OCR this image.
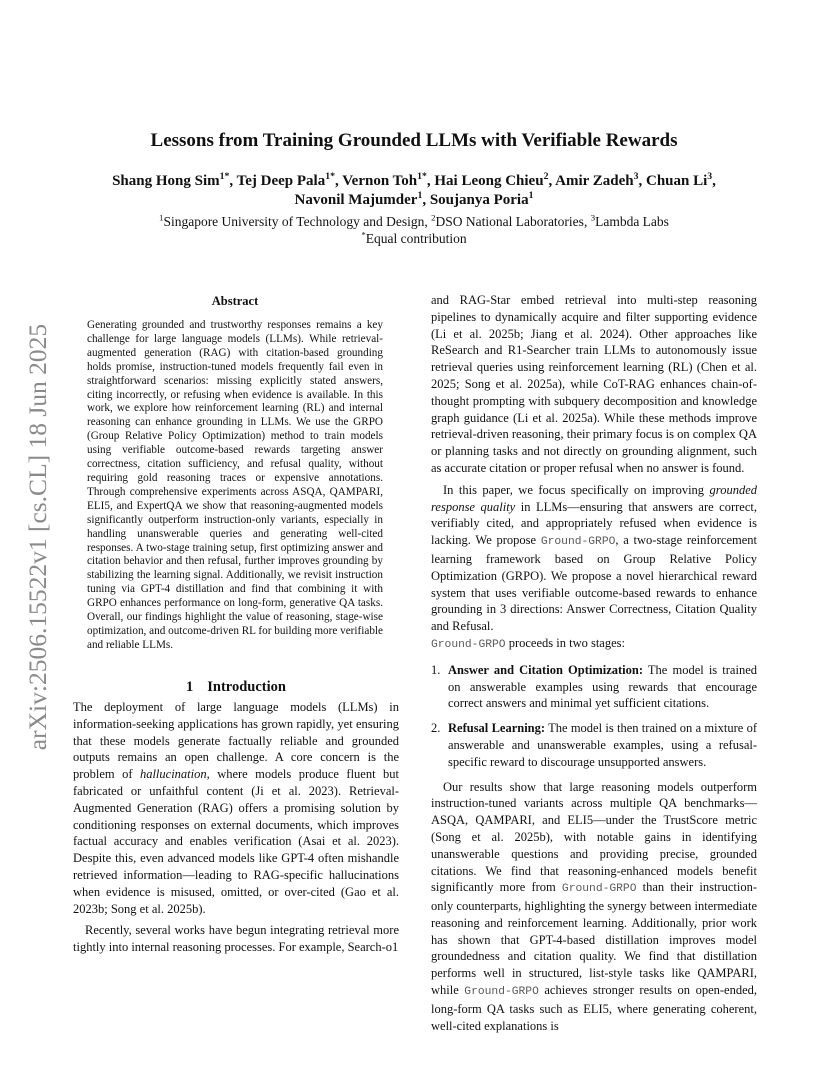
arXiv:2506.15522v1 [cs.CL] 18 Jun 2025
Lessons from Training Grounded LLMs with Verifiable Rewards
Shang Hong Sim$^{1*}$, Tej Deep Pala$^{1*}$, Vernon Toh$^{1*}$, Hai Leong Chieu$^2$, Amir Zadeh$^3$, Chuan Li$^3$,
Navonil Majumder$^1$, Soujanya Poria$^1$
$^1$Singapore University of Technology and Design, $^2$DSO National Laboratories, $^3$Lambda Labs
*Equal contribution
Abstract
Generating grounded and trustworthy responses remains a key challenge for large language models (LLMs). While retrieval-augmented generation (RAG) with citation-based grounding holds promise, instruction-tuned models frequently fail even in straightforward scenarios: missing explicitly stated answers, citing incorrectly, or refusing when evidence is available. In this work, we explore how reinforcement learning (RL) and internal reasoning can enhance grounding in LLMs. We use the GRPO (Group Relative Policy Optimization) method to train models using verifiable outcome-based rewards targeting answer correctness, citation sufficiency, and refusal quality, without requiring gold reasoning traces or expensive annotations. Through comprehensive experiments across ASQA, QAMPARI, ELI5, and ExpertQA we show that reasoning-augmented models significantly outperform instruction-only variants, especially in handling unanswerable queries and generating well-cited responses. A two-stage training setup, first optimizing answer and citation behavior and then refusal, further improves grounding by stabilizing the learning signal. Additionally, we revisit instruction tuning via GPT-4 distillation and find that combining it with GRPO enhances performance on long-form, generative QA tasks. Overall, our findings highlight the value of reasoning, stage-wise optimization, and outcome-driven RL for building more verifiable and reliable LLMs.
1 Introduction

The deployment of large language models (LLMs) in information-seeking applications has grown rapidly, yet ensuring that these models generate factually reliable and grounded outputs remains an open challenge. A core concern is the problem of hallucination, where models produce fluent but fabricated or unfaithful content (Ji et al. 2023). Retrieval-Augmented Generation (RAG) offers a promising solution by conditioning responses on external documents, which improves factual accuracy and enables verification (Asai et al. 2023). Despite this, even advanced models like GPT-4 often mishandle retrieved information—leading to RAG-specific hallucinations when evidence is misused, omitted, or over-cited (Gao et al. 2023b; Song et al. 2025b).

Recently, several works have begun integrating retrieval more tightly into internal reasoning processes. For example, Search-o1

and RAG-Star embed retrieval into multi-step reasoning pipelines to dynamically acquire and filter supporting evidence (Li et al. 2025b; Jiang et al. 2024). Other approaches like ReSearch and R1-Searcher train LLMs to autonomously issue retrieval queries using reinforcement learning (RL) (Chen et al. 2025; Song et al. 2025a), while CoT-RAG enhances chain-of-thought prompting with subquery decomposition and knowledge graph guidance (Li et al. 2025a). While these methods improve retrieval-driven reasoning, their primary focus is on complex QA or planning tasks and not directly on grounding alignment, such as accurate citation or proper refusal when no answer is found.

In this paper, we focus specifically on improving grounded response quality in LLMs—ensuring that answers are correct, verifiably cited, and appropriately refused when evidence is lacking. We propose Ground-GRPO, a two-stage reinforcement learning framework based on Group Relative Policy Optimization (GRPO). We propose a novel hierarchical reward system that uses verifiable outcome-based rewards to enhance grounding in 3 directions: Answer Correctness, Citation Quality and Refusal.

Ground-GRPO proceeds in two stages:

1. Answer and Citation Optimization: The model is trained on answerable examples using rewards that encourage correct answers and minimal yet sufficient citations.
2. Refusal Learning: The model is then trained on a mixture of answerable and unanswerable examples, using a refusal-specific reward to discourage unsupported answers.

Our results show that large reasoning models outperform instruction-tuned variants across multiple QA benchmarks—ASQA, QAMPARI, and ELI5—under the TrustScore metric (Song et al. 2025b), with notable gains in identifying unanswerable questions and providing precise, grounded citations. We find that reasoning-enhanced models benefit significantly more from Ground-GRPO than their instruction-only counterparts, highlighting the synergy between intermediate reasoning and reinforcement learning. Additionally, prior work has shown that GPT-4-based distillation improves model groundedness and citation quality. We find that distillation performs well in structured, list-style tasks like QAMPARI, while Ground-GRPO achieves stronger results on open-ended, long-form QA tasks such as ELI5, where generating coherent, well-cited explanations is
